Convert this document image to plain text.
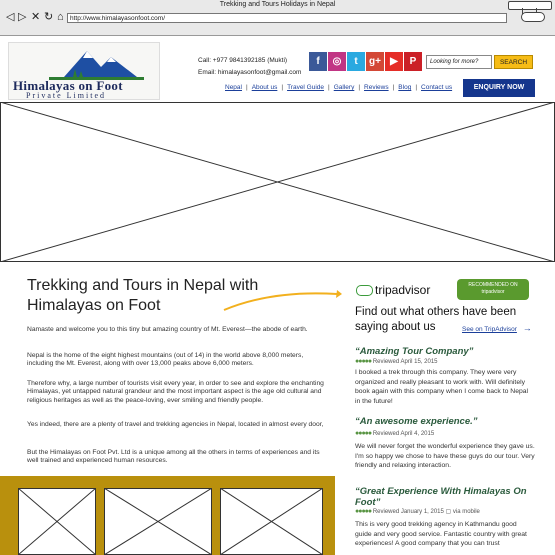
Trekking and Tours Holidays in Nepal
◁ ▷ ✕ ↻ ⌂ http://www.himalayasonfoot.com/
Himalayas on Foot
Private Limited
Call: +977 9841392185 (Mukti)
Email: himalayasonfoot@gmail.com
f	◎	t	g+ ▶	P	Looking for more?	SEARCH
Nepal | About us | Travel Guide | Gallery | Reviews | Blog | Contact us	ENQUIRY NOW
Trekking and Tours in Nepal with Himalayas on Foot
Namaste and welcome you to this tiny but amazing country of Mt. Everest—the abode of earth.
Nepal is the home of the eight highest mountains (out of 14) in the world above 8,000 meters, including the Mt. Everest, along with over 13,000 peaks above 6,000 meters.
Therefore why, a large number of tourists visit every year, in order to see and explore the enchanting Himalayas, yet untapped natural grandeur and the most important aspect is the age old cultural and religious heritages as well as the peace-loving, ever smiling and friendly people.
Yes indeed, there are a plenty of travel and trekking agencies in Nepal, located in almost every door,
But the Himalayas on Foot Pvt. Ltd is a unique among all the others in terms of experiences and its well trained and experienced human resources.
tripadvisor	RECOMMENDED ON tripadvisor
Find out what others have been saying about us	See on TripAdvisor →
“Amazing Tour Company”
●●●●● Reviewed April 15, 2015
I booked a trek through this company. They were very organized and really pleasant to work with. Will definitely book again with this company when I come back to Nepal in the future!
“An awesome experience.”
●●●●● Reviewed April 4, 2015
We will never forget the wonderful experience they gave us. I'm so happy we chose to have these guys do our tour. Very friendly and relaxing interaction.
“Great Experience With Himalayas On Foot”
●●●●● Reviewed January 1, 2015 ▢ via mobile
This is very good trekking agency in Kathmandu good guide and very good service. Fantastic country with great experiences! A good company that you can trust
